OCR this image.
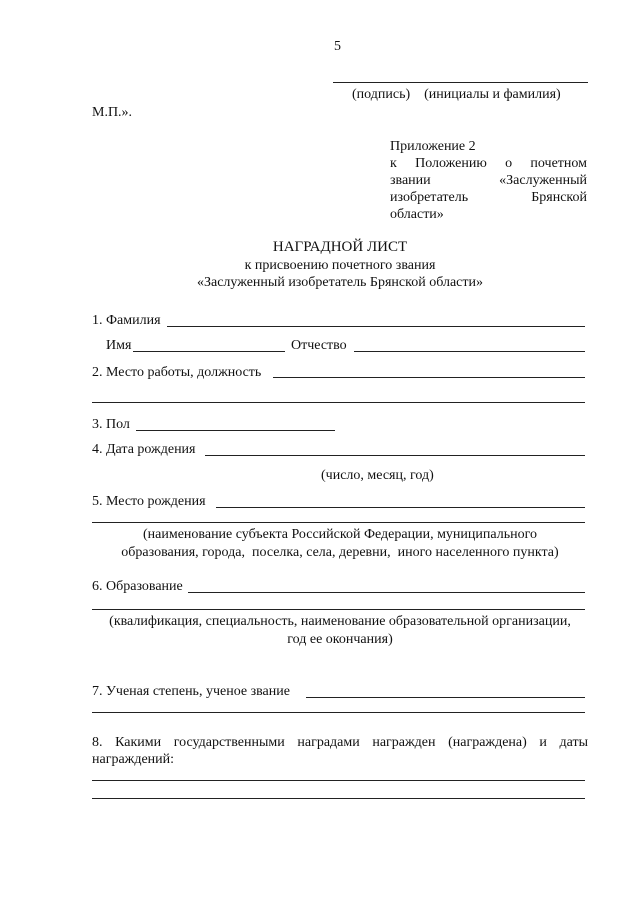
5
(подпись)    (инициалы и фамилия)
М.П.».
Приложение 2
к  Положению  о  почетном
звании          «Заслуженный
изобретатель          Брянской
области»
НАГРАДНОЙ ЛИСТ
к присвоению почетного звания
«Заслуженный изобретатель Брянской области»
1. Фамилия
Имя	Отчество
2. Место работы, должность
3. Пол
4. Дата рождения
(число, месяц, год)
5. Место рождения
(наименование субъекта Российской Федерации, муниципального
образования, города,  поселка, села, деревни,  иного населенного пункта)
6. Образование
(квалификация, специальность, наименование образовательной организации,
год ее окончания)
7. Ученая степень, ученое звание
8.  Какими  государственными  наградами  награжден  (награждена)  и  даты
награждений:
